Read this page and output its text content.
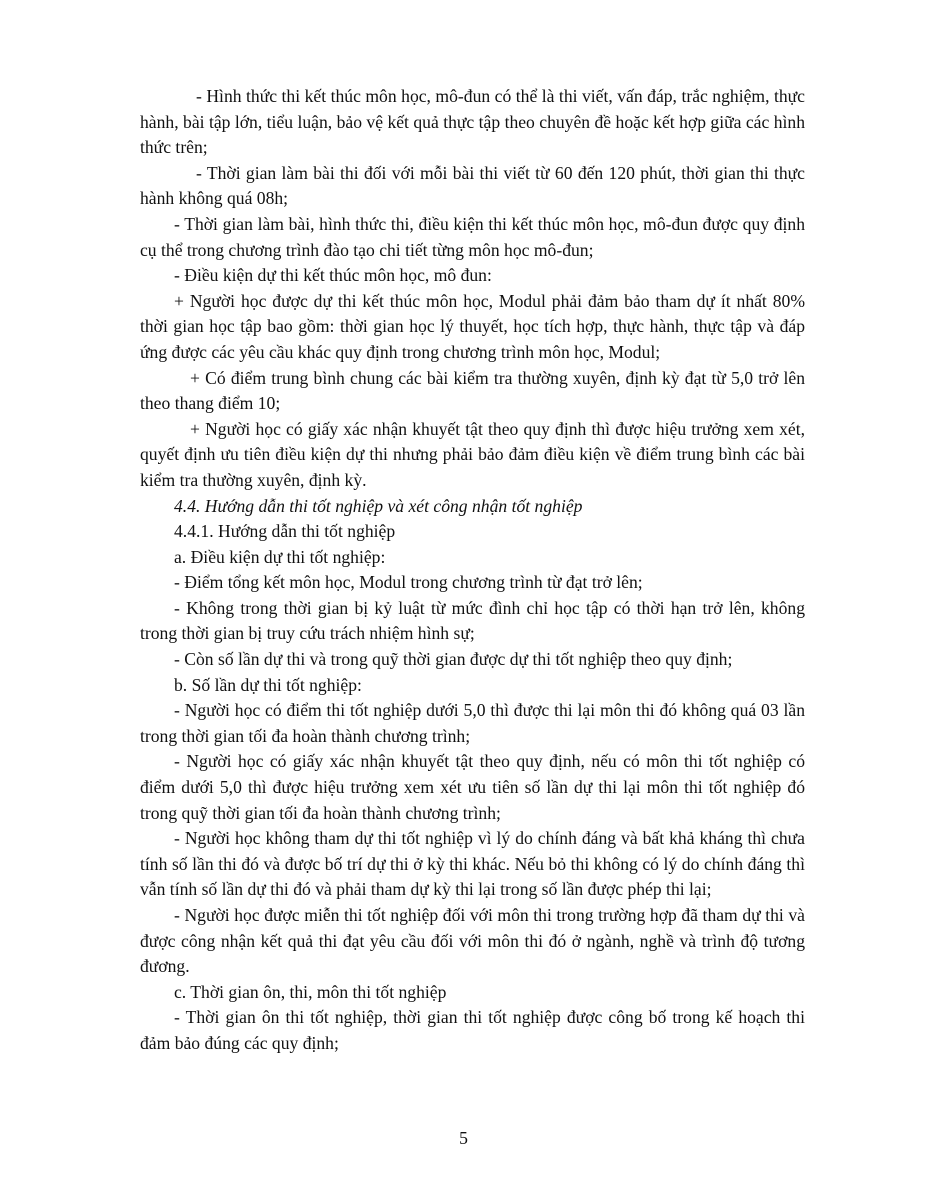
- Hình thức thi kết thúc môn học, mô-đun có thể là thi viết, vấn đáp, trắc nghiệm, thực hành, bài tập lớn, tiểu luận, bảo vệ kết quả thực tập theo chuyên đề hoặc kết hợp giữa các hình thức trên;

- Thời gian làm bài thi đối với mỗi bài thi viết từ 60 đến 120 phút, thời gian thi thực hành không quá 08h;

- Thời gian làm bài, hình thức thi, điều kiện thi kết thúc môn học, mô-đun được quy định cụ thể trong chương trình đào tạo chi tiết từng môn học mô-đun;

- Điều kiện dự thi kết thúc môn học, mô đun:

+ Người học được dự thi kết thúc môn học, Modul phải đảm bảo tham dự ít nhất 80% thời gian học tập bao gồm: thời gian học lý thuyết, học tích hợp, thực hành, thực tập và đáp ứng được các yêu cầu khác quy định trong chương trình môn học, Modul;

+ Có điểm trung bình chung các bài kiểm tra thường xuyên, định kỳ đạt từ 5,0 trở lên theo thang điểm 10;

+ Người học có giấy xác nhận khuyết tật theo quy định thì được hiệu trưởng xem xét, quyết định ưu tiên điều kiện dự thi nhưng phải bảo đảm điều kiện về điểm trung bình các bài kiểm tra thường xuyên, định kỳ.

4.4. Hướng dẫn thi tốt nghiệp và xét công nhận tốt nghiệp

4.4.1. Hướng dẫn thi tốt nghiệp

a. Điều kiện dự thi tốt nghiệp:

- Điểm tổng kết môn học, Modul trong chương trình từ đạt trở lên;

- Không trong thời gian bị kỷ luật từ mức đình chỉ học tập có thời hạn trở lên, không trong thời gian bị truy cứu trách nhiệm hình sự;

- Còn số lần dự thi và trong quỹ thời gian được dự thi tốt nghiệp theo quy định;

b. Số lần dự thi tốt nghiệp:

- Người học có điểm thi tốt nghiệp dưới 5,0 thì được thi lại môn thi đó không quá 03 lần trong thời gian tối đa hoàn thành chương trình;

- Người học có giấy xác nhận khuyết tật theo quy định, nếu có môn thi tốt nghiệp có điểm dưới 5,0 thì được hiệu trưởng xem xét ưu tiên số lần dự thi lại môn thi tốt nghiệp đó trong quỹ thời gian tối đa hoàn thành chương trình;

- Người học không tham dự thi tốt nghiệp vì lý do chính đáng và bất khả kháng thì chưa tính số lần thi đó và được bố trí dự thi ở kỳ thi khác. Nếu bỏ thi không có lý do chính đáng thì vẫn tính số lần dự thi đó và phải tham dự kỳ thi lại trong số lần được phép thi lại;

- Người học được miễn thi tốt nghiệp đối với môn thi trong trường hợp đã tham dự thi và được công nhận kết quả thi đạt yêu cầu đối với môn thi đó ở ngành, nghề và trình độ tương đương.

c. Thời gian ôn, thi, môn thi tốt nghiệp

- Thời gian ôn thi tốt nghiệp, thời gian thi tốt nghiệp được công bố trong kế hoạch thi đảm bảo đúng các quy định;

5
